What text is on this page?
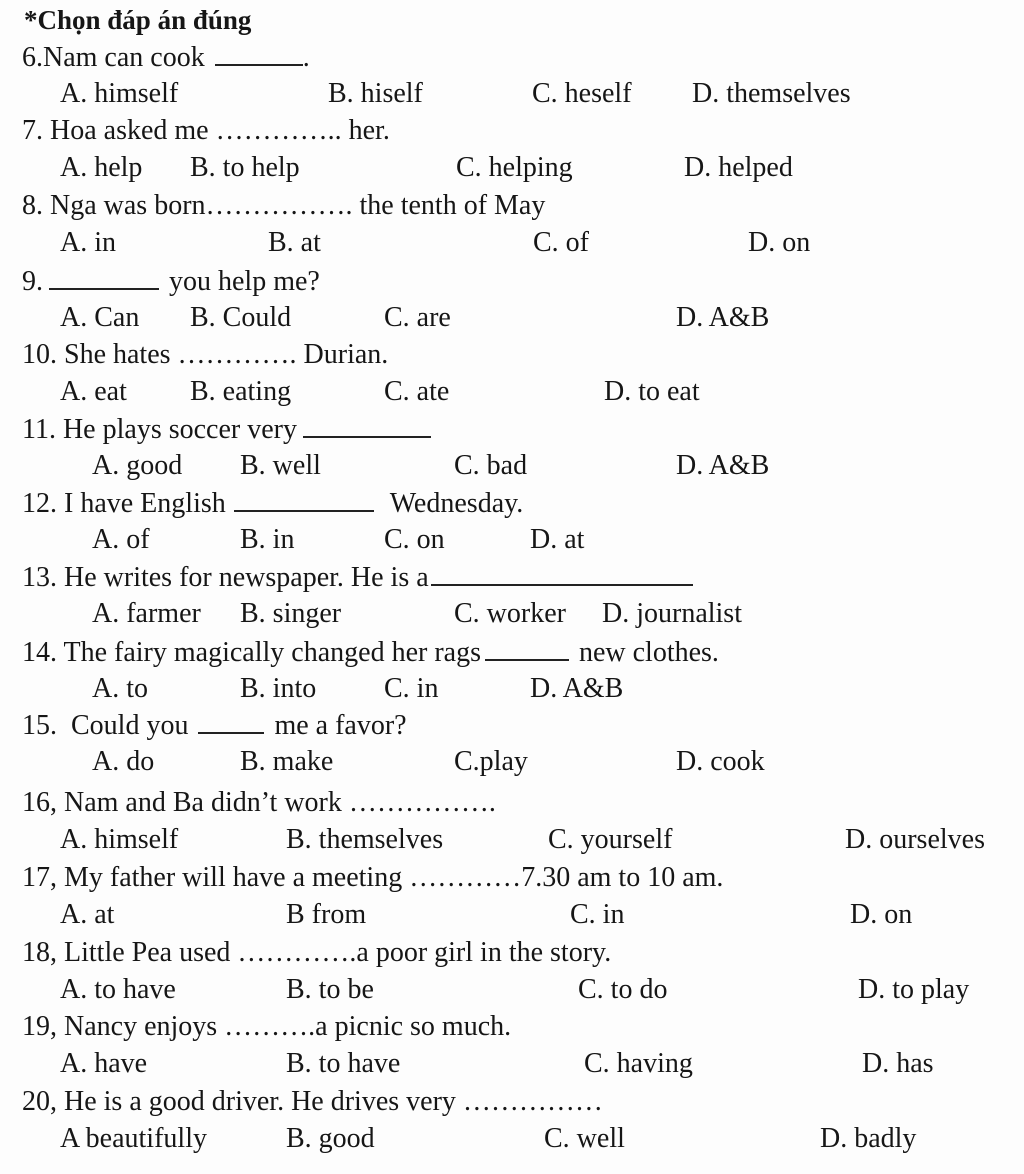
*Chọn đáp án đúng
6.Nam can cook	.
A. himself	B. hiself	C. heself D. themselves
7. Hoa asked me ………….. her.
A. help B. to help	C. helping	D. helped
8. Nga was born……………. the tenth of May
A. in	B. at	C. of	D. on
9.	you help me?
A. Can B. Could	C. are	D. A&B
10. She hates …………. Durian.
A. eat B. eating	C. ate	D. to eat
11. He plays soccer very
A. good B. well	C. bad	D. A&B
12. I have English	Wednesday.
A. of	B. in	C. on	D. at
13. He writes for newspaper. He is a
A. farmer B. singer	C. worker D. journalist
14. The fairy magically changed her rags	new clothes.
A. to	B. into C. in	D. A&B
15.  Could you	me a favor?
A. do	B. make	C.play	D. cook
16, Nam and Ba didn’t work …………….
A. himself	B. themselves	C. yourself	D. ourselves
17, My father will have a meeting …………7.30 am to 10 am.
A. at	B from	C. in	D. on
18, Little Pea used ………….a poor girl in the story.
A. to have	B. to be	C. to do	D. to play
19, Nancy enjoys ……….a picnic so much.
A. have	B. to have	C. having	D. has
20, He is a good driver. He drives very ……………
A beautifully	B. good	C. well	D. badly
